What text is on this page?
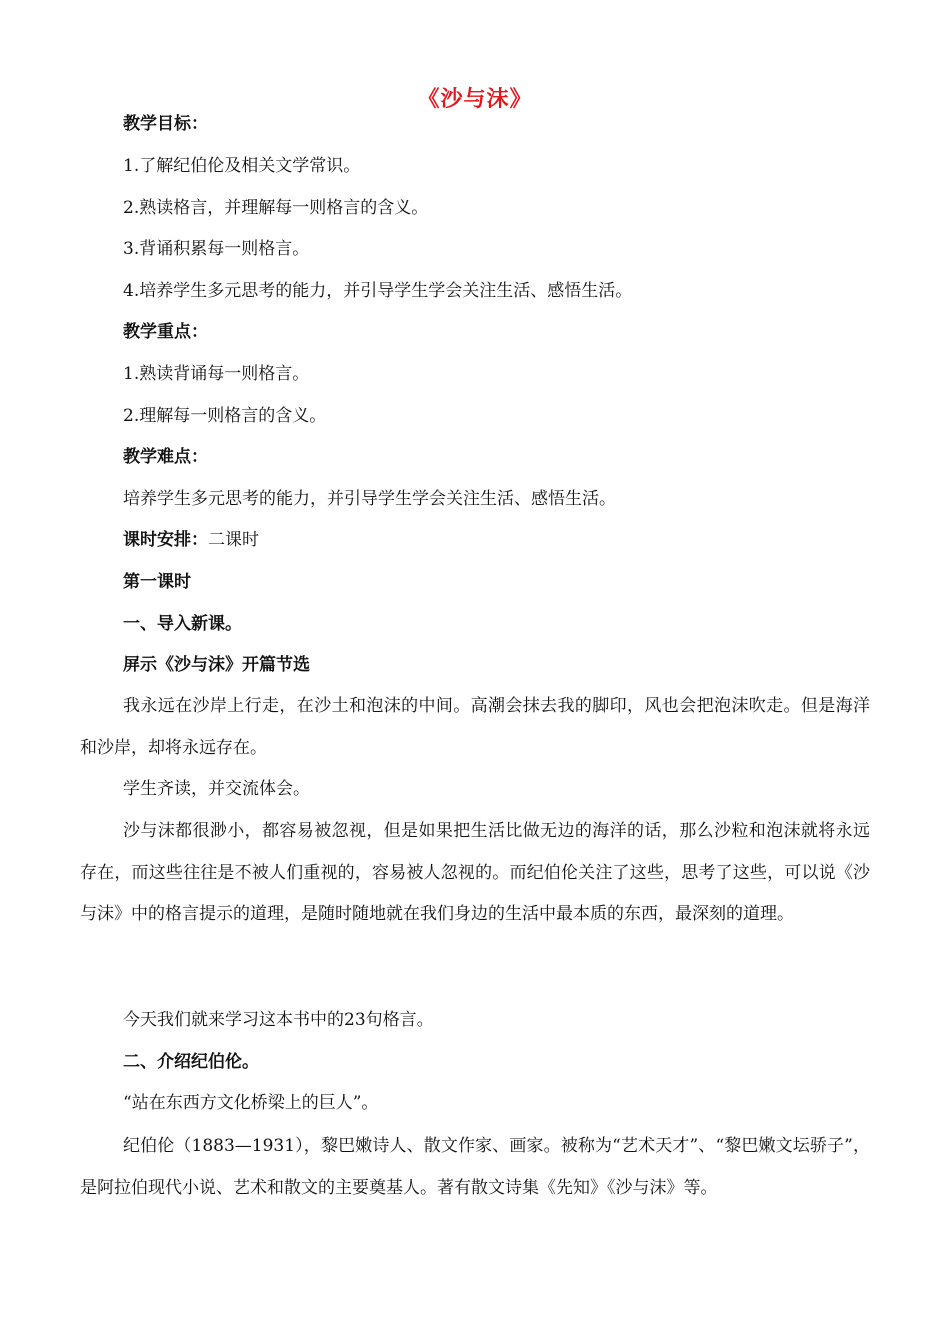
《沙与沫》
教学目标：
1.了解纪伯伦及相关文学常识。
2.熟读格言，并理解每一则格言的含义。
3.背诵积累每一则格言。
4.培养学生多元思考的能力，并引导学生学会关注生活、感悟生活。
教学重点：
1.熟读背诵每一则格言。
2.理解每一则格言的含义。
教学难点：
培养学生多元思考的能力，并引导学生学会关注生活、感悟生活。
课时安排：二课时
第一课时
一、导入新课。
屏示《沙与沫》开篇节选
我永远在沙岸上行走，在沙土和泡沫的中间。高潮会抹去我的脚印，风也会把泡沫吹走。但是海洋和沙岸，却将永远存在。
学生齐读，并交流体会。
沙与沫都很渺小，都容易被忽视，但是如果把生活比做无边的海洋的话，那么沙粒和泡沫就将永远存在，而这些往往是不被人们重视的，容易被人忽视的。而纪伯伦关注了这些，思考了这些，可以说《沙与沫》中的格言提示的道理，是随时随地就在我们身边的生活中最本质的东西，最深刻的道理。
今天我们就来学习这本书中的23句格言。
二、介绍纪伯伦。
“站在东西方文化桥梁上的巨人”。
纪伯伦（1883—1931），黎巴嫩诗人、散文作家、画家。被称为“艺术天才”、“黎巴嫩文坛骄子”，是阿拉伯现代小说、艺术和散文的主要奠基人。著有散文诗集《先知》《沙与沫》等。
